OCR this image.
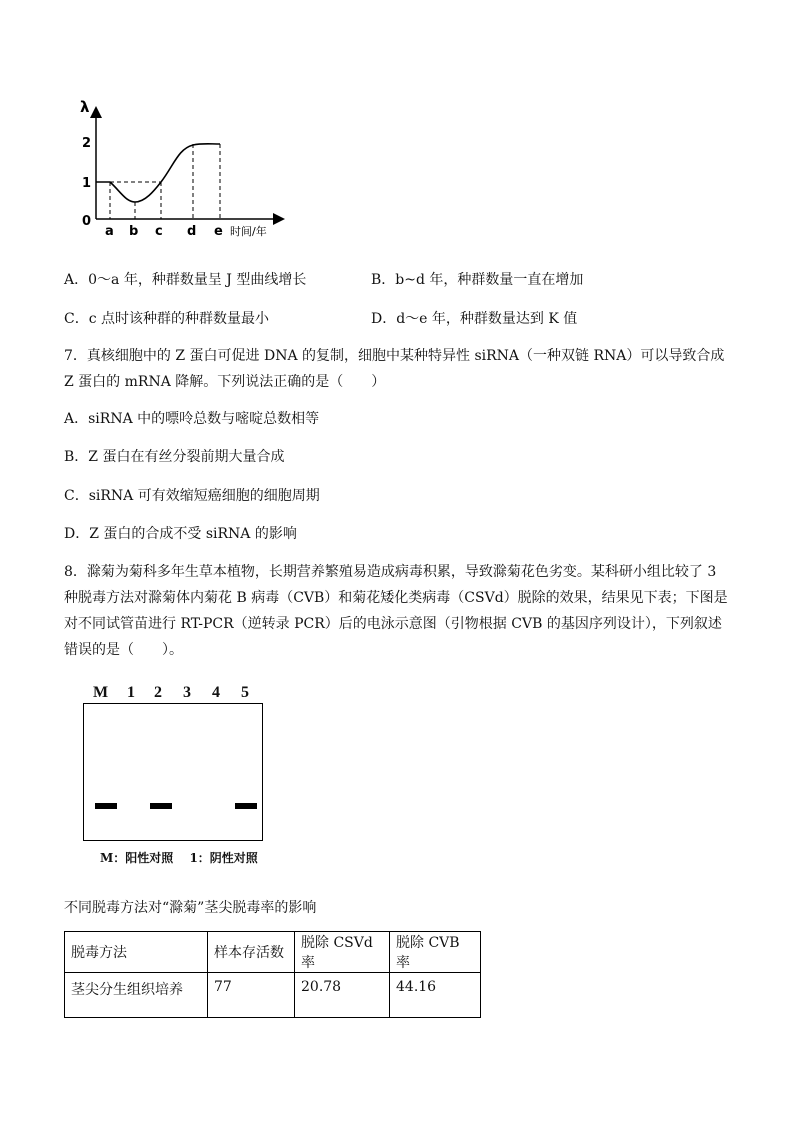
λ
0
1
2
a b c d e 时间/年
A．0～a 年，种群数量呈 J 型曲线增长	B．b~d 年，种群数量一直在增加
C．c 点时该种群的种群数量最小	D．d～e 年，种群数量达到 K 值
7．真核细胞中的 Z 蛋白可促进 DNA 的复制，细胞中某种特异性 siRNA（一种双链 RNA）可以导致合成 Z 蛋白的 mRNA 降解。下列说法正确的是（　　）
A．siRNA 中的嘌呤总数与嘧啶总数相等
B．Z 蛋白在有丝分裂前期大量合成
C．siRNA 可有效缩短癌细胞的细胞周期
D．Z 蛋白的合成不受 siRNA 的影响
8．滁菊为菊科多年生草本植物，长期营养繁殖易造成病毒积累，导致滁菊花色劣变。某科研小组比较了 3 种脱毒方法对滁菊体内菊花 B 病毒（CVB）和菊花矮化类病毒（CSVd）脱除的效果，结果见下表；下图是对不同试管苗进行 RT-PCR（逆转录 PCR）后的电泳示意图（引物根据 CVB 的基因序列设计），下列叙述错误的是（　　）。
M 1 2 3 4 5
M：阳性对照　 1：阴性对照
不同脱毒方法对“滁菊”茎尖脱毒率的影响
脱毒方法	样本存活数	脱除 CSVd 率	脱除 CVB 率
茎尖分生组织培养	77	20.78	44.16
